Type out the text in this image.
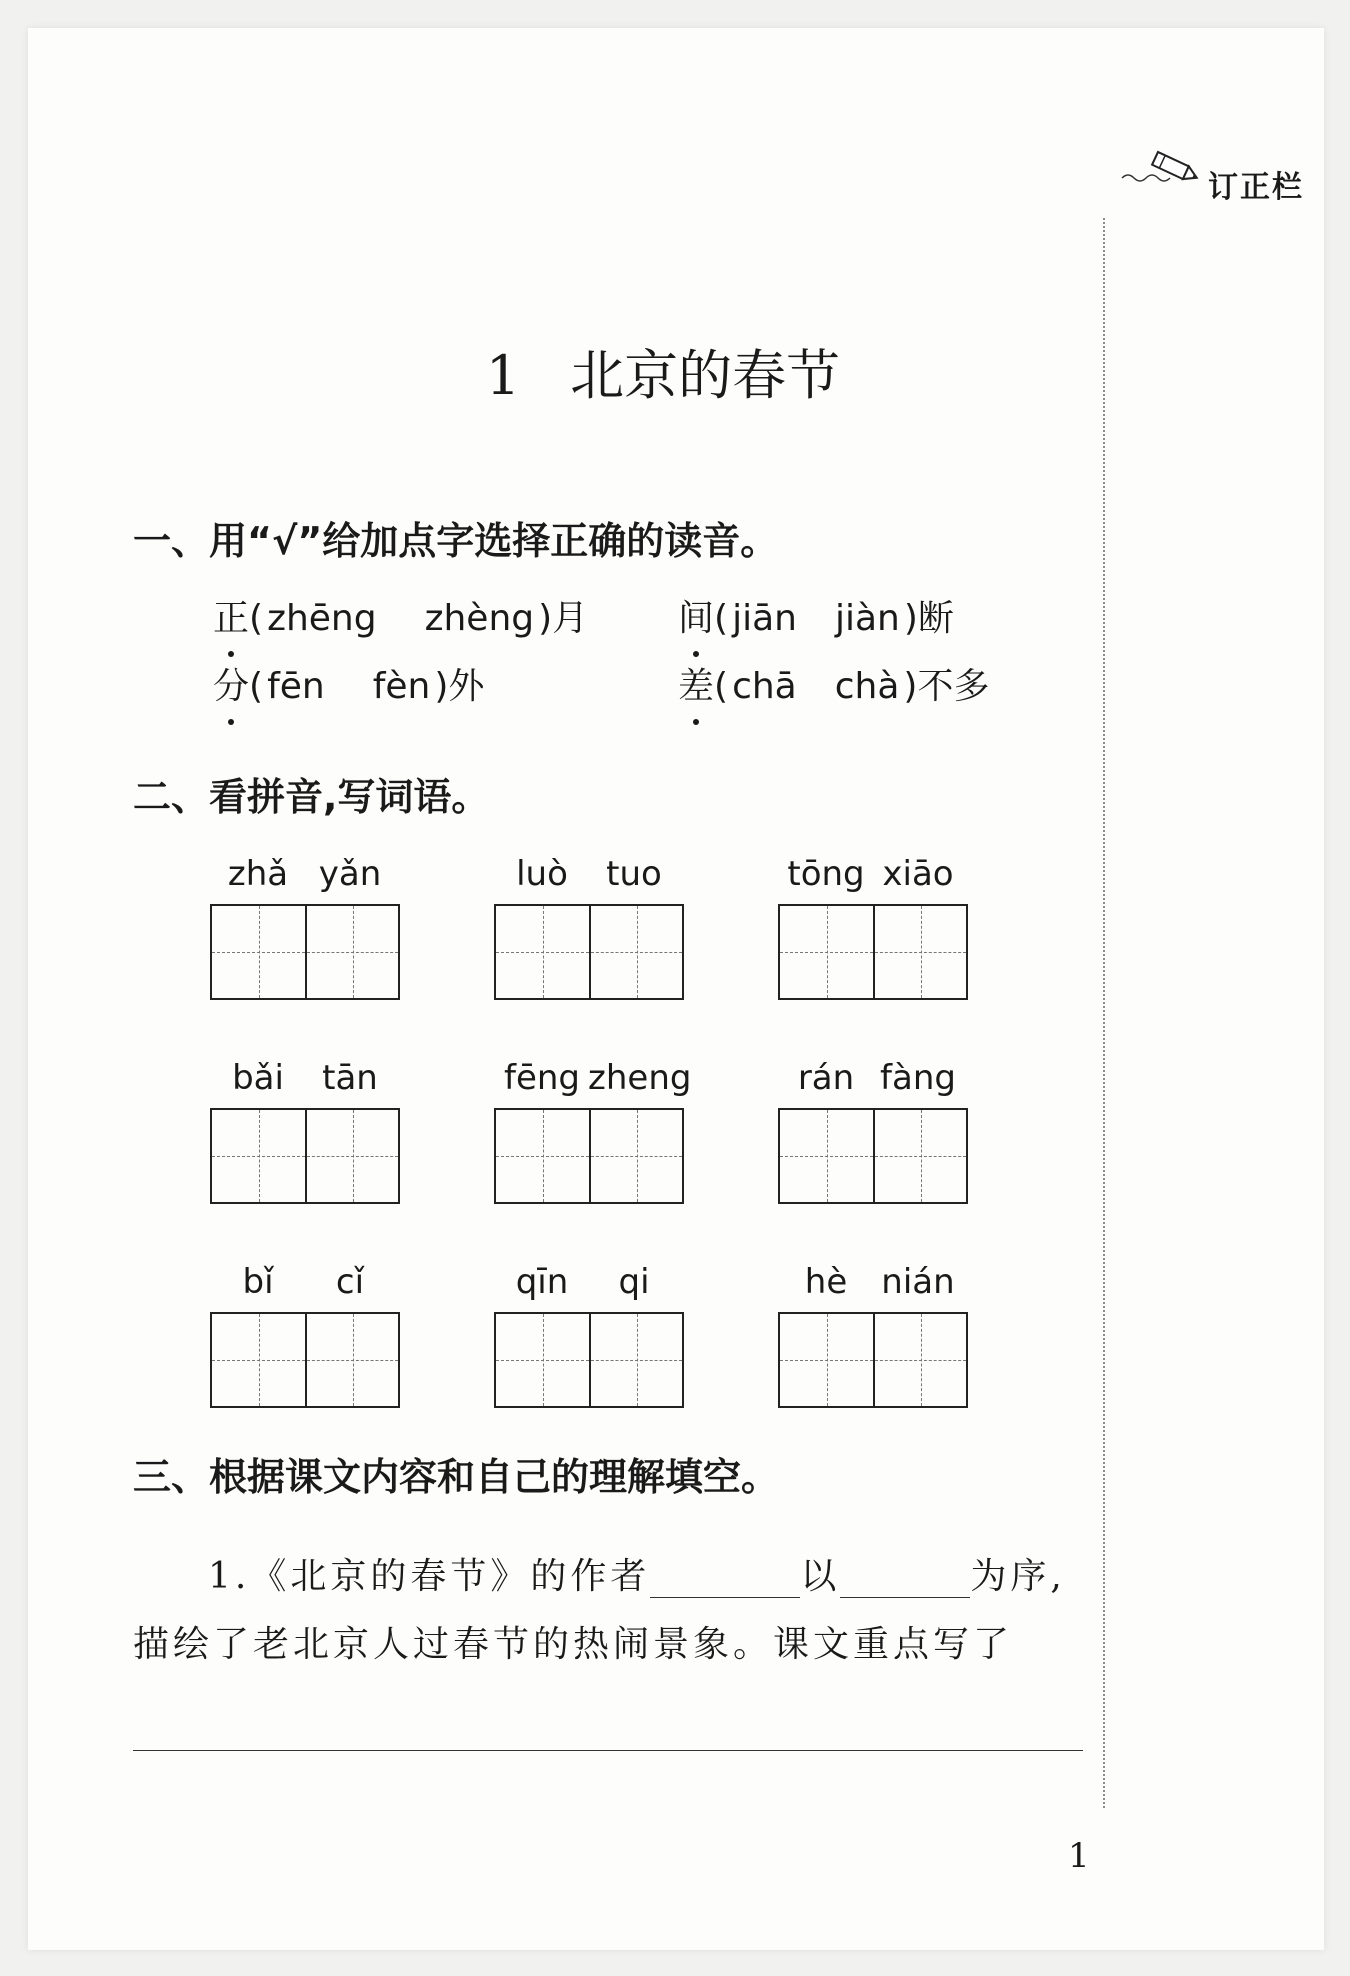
订正栏
1 北京的春节
一、用“√”给加点字选择正确的读音。
正( zhēng zhèng )月 间( jiān jiàn )断
分( fēn fèn )外	差( chā chà )不多
二、看拼音,写词语。
zhǎ yǎn	luò tuo	tōng xiāo
bǎi tān	fēng zheng	rán fàng
bǐ cǐ	qīn qi	hè nián
三、根据课文内容和自己的理解填空。
1.《北京的春节》的作者	以	为序,
描绘了老北京人过春节的热闹景象。课文重点写了
1
